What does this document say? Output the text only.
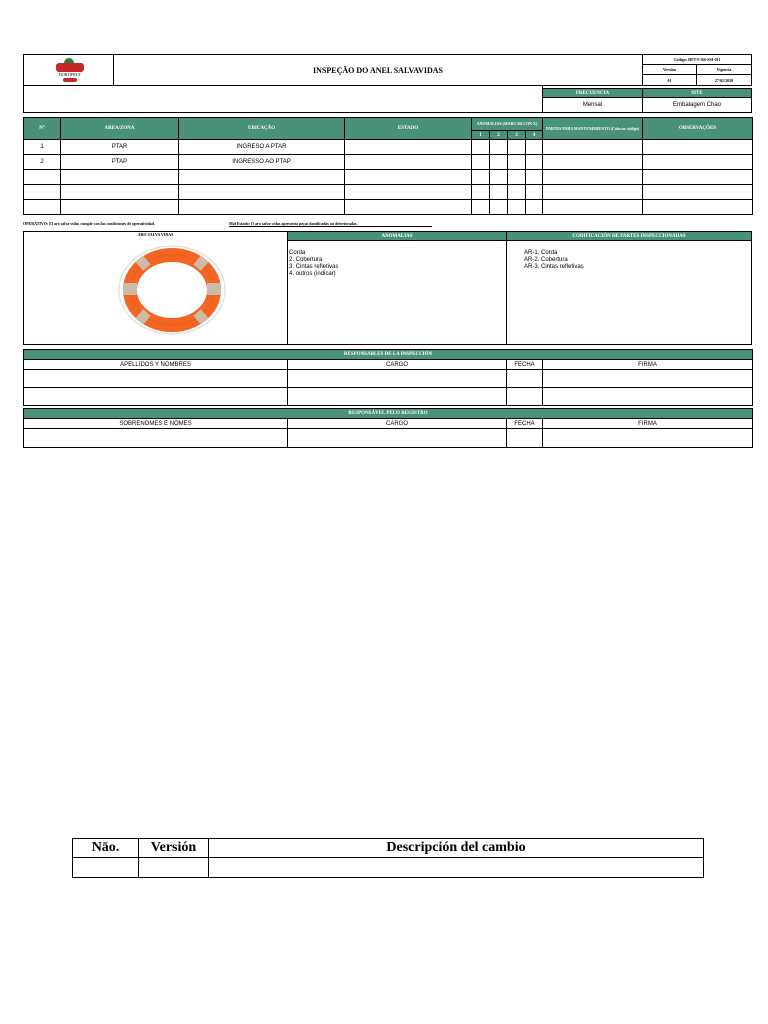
HORTIFRUT	INSPEÇÃO DO ANEL SALVAVIDAS
Código: HFT-F-BS-SSI-011
Versión	Vigencia
01	27/02/2020
FRECUENCIA	SITE
Mensal	Embalagem Chao
N°	AREA/ZONA	UBICAÇÃO	ESTADO	ANOMALIAS (MARCAR CON X)				PARTES PARA MANTENIMIENTO (Colocar código)	OBSERVAÇÕES
				1	2	3	4		
1	PTAR	INGRESO A PTAR							
2	PTAP	INGRESSO AO PTAP							

OPERATIVO: El aro salva vidas cumple con las condiciones de operatividad.	Mal Estado: O aro salva vidas apresenta peças danificadas ou deterioradas.
ARO SALVA VIDAS	ANOMALIAS
Corda
2. Cobertura
3. Cintas refletivas
4. outros (indicar)
CODIFICACIÓN DE PARTES INSPECCIONADAS
AR-1. Corda
AR-2. Cobertura
AR-3. Cintas refletivas
RESPONSABLES DE LA INSPECCIÓN			
APELLIDOS Y NOMBRES	CARGO	FECHA	FIRMA

RESPONSÁVEL PELO REGISTRO			
SOBRENOMES E NOMES	CARGO	FECHA	FIRMA

Nāo.	Versión	Descripción del cambio
